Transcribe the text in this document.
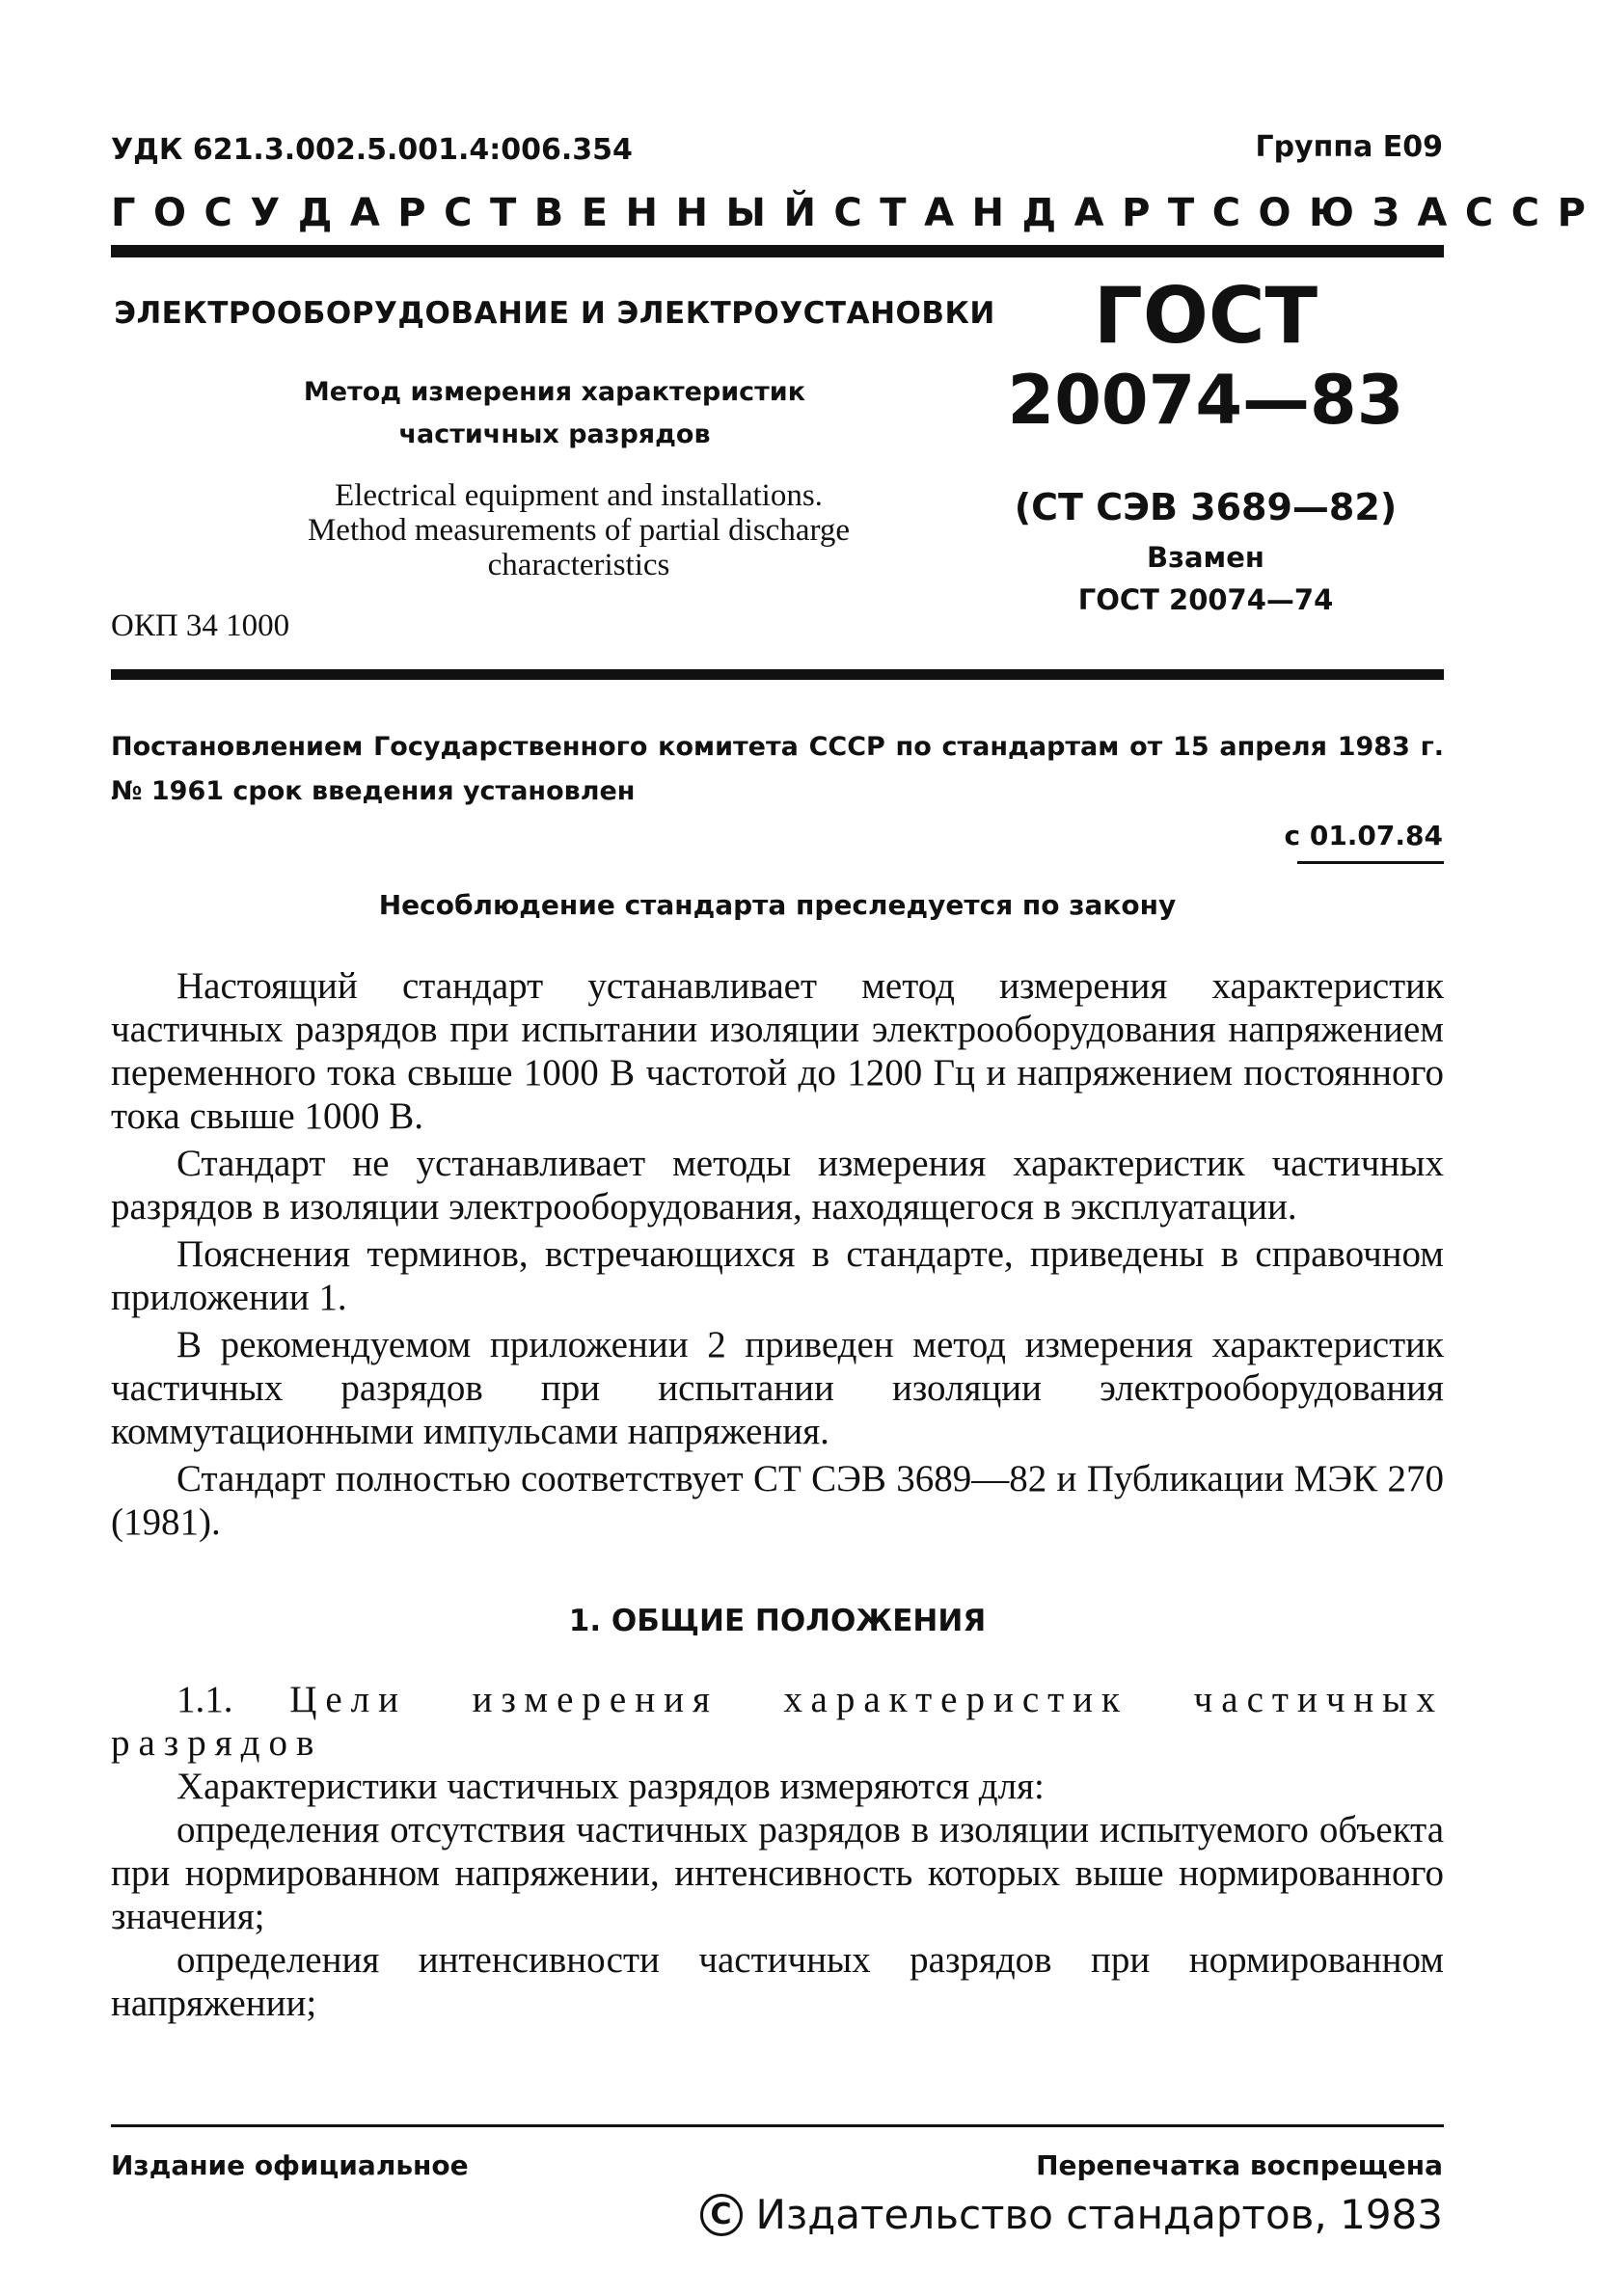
УДК 621.3.002.5.001.4:006.354	Группа Е09
ГОСУДАРСТВЕННЫЙ СТАНДАРТ СОЮЗА ССР
ЭЛЕКТРООБОРУДОВАНИЕ И ЭЛЕКТРОУСТАНОВКИ
Метод измерения характеристик
частичных разрядов
Electrical equipment and installations.
Method measurements of partial discharge
characteristics
ОКП 34 1000
ГОСТ
20074—83
(СТ СЭВ 3689—82)
Взамен
ГОСТ 20074—74
Постановлением Государственного комитета СССР по стандартам от 15 апреля 1983 г. № 1961 срок введения установлен
с 01.07.84
Несоблюдение стандарта преследуется по закону

Настоящий стандарт устанавливает метод измерения характеристик частичных разрядов при испытании изоляции электрооборудования напряжением переменного тока свыше 1000 В частотой до 1200 Гц и напряжением постоянного тока свыше 1000 В.

Стандарт не устанавливает методы измерения характеристик частичных разрядов в изоляции электрооборудования, находящегося в эксплуатации.

Пояснения терминов, встречающихся в стандарте, приведены в справочном приложении 1.

В рекомендуемом приложении 2 приведен метод измерения характеристик частичных разрядов при испытании изоляции электрооборудования коммутационными импульсами напряжения.

Стандарт полностью соответствует СТ СЭВ 3689—82 и Публикации МЭК 270 (1981).

1. ОБЩИЕ ПОЛОЖЕНИЯ

1.1. Цели измерения характеристик частичных разрядов

Характеристики частичных разрядов измеряются для:

определения отсутствия частичных разрядов в изоляции испытуемого объекта при нормированном напряжении, интенсивность которых выше нормированного значения;

определения интенсивности частичных разрядов при нормированном напряжении;

Издание официальное	Перепечатка воспрещена
C Издательство стандартов, 1983
